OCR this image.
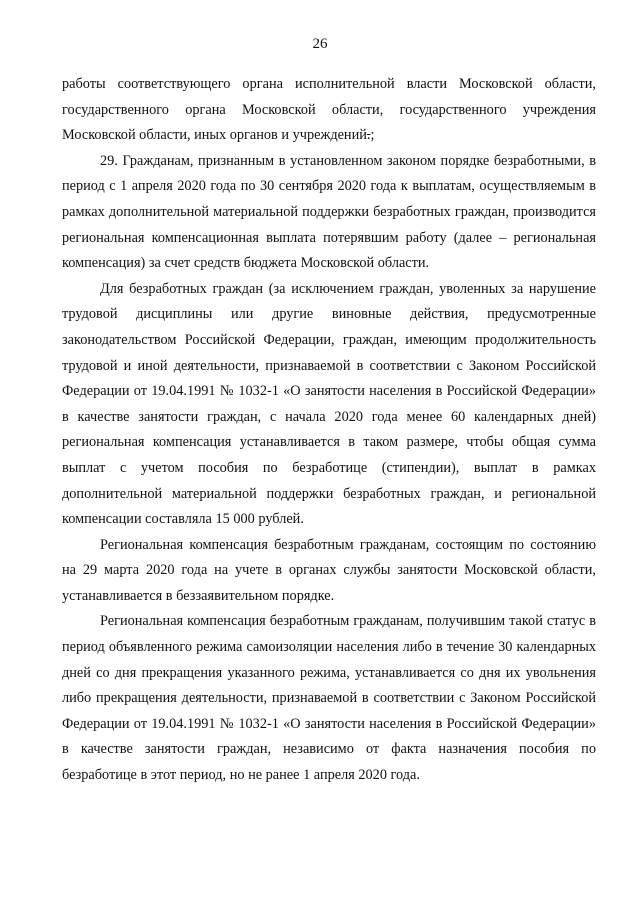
26

работы соответствующего органа исполнительной власти Московской области, государственного органа Московской области, государственного учреждения Московской области, иных органов и учреждений.;

29. Гражданам, признанным в установленном законом порядке безработными, в период с 1 апреля 2020 года по 30 сентября 2020 года к выплатам, осуществляемым в рамках дополнительной материальной поддержки безработных граждан, производится региональная компенсационная выплата потерявшим работу (далее – региональная компенсация) за счет средств бюджета Московской области.

Для безработных граждан (за исключением граждан, уволенных за нарушение трудовой дисциплины или другие виновные действия, предусмотренные законодательством Российской Федерации, граждан, имеющим продолжительность трудовой и иной деятельности, признаваемой в соответствии с Законом Российской Федерации от 19.04.1991 № 1032-1 «О занятости населения в Российской Федерации» в качестве занятости граждан, с начала 2020 года менее 60 календарных дней) региональная компенсация устанавливается в таком размере, чтобы общая сумма выплат с учетом пособия по безработице (стипендии), выплат в рамках дополнительной материальной поддержки безработных граждан, и региональной компенсации составляла 15 000 рублей.

Региональная компенсация безработным гражданам, состоящим по состоянию на 29 марта 2020 года на учете в органах службы занятости Московской области, устанавливается в беззаявительном порядке.

Региональная компенсация безработным гражданам, получившим такой статус в период объявленного режима самоизоляции населения либо в течение 30 календарных дней со дня прекращения указанного режима, устанавливается со дня их увольнения либо прекращения деятельности, признаваемой в соответствии с Законом Российской Федерации от 19.04.1991 № 1032-1 «О занятости населения в Российской Федерации» в качестве занятости граждан, независимо от факта назначения пособия по безработице в этот период, но не ранее 1 апреля 2020 года.
